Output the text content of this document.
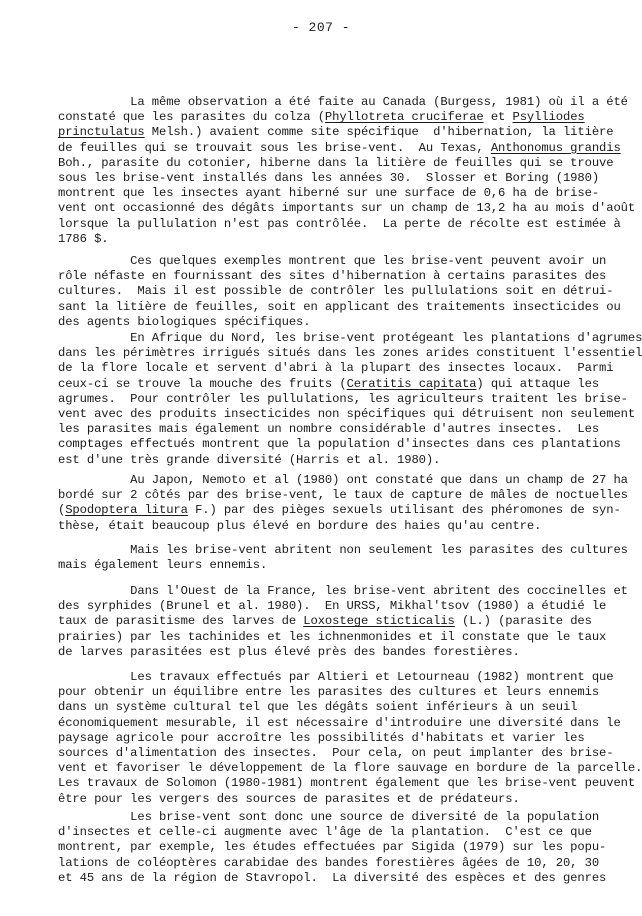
- 207 -
La même observation a été faite au Canada (Burgess, 1981) où il a été
constaté que les parasites du colza (Phyllotreta cruciferae et Psylliodes
princtulatus Melsh.) avaient comme site spécifique  d'hibernation, la litière
de feuilles qui se trouvait sous les brise-vent.  Au Texas, Anthonomus grandis
Boh., parasite du cotonier, hiberne dans la litière de feuilles qui se trouve
sous les brise-vent installés dans les années 30.  Slosser et Boring (1980)
montrent que les insectes ayant hiberné sur une surface de 0,6 ha de brise-
vent ont occasionné des dégâts importants sur un champ de 13,2 ha au mois d'août
lorsque la pullulation n'est pas contrôlée.  La perte de récolte est estimée à
1786 $.
Ces quelques exemples montrent que les brise-vent peuvent avoir un
rôle néfaste en fournissant des sites d'hibernation à certains parasites des
cultures.  Mais il est possible de contrôler les pullulations soit en détrui-
sant la litière de feuilles, soit en applicant des traitements insecticides ou
des agents biologiques spécifiques.
En Afrique du Nord, les brise-vent protégeant les plantations d'agrumes
dans les périmètres irrigués situés dans les zones arides constituent l'essentiel
de la flore locale et servent d'abri à la plupart des insectes locaux.  Parmi
ceux-ci se trouve la mouche des fruits (Ceratitis capitata) qui attaque les
agrumes.  Pour contrôler les pullulations, les agriculteurs traitent les brise-
vent avec des produits insecticides non spécifiques qui détruisent non seulement
les parasites mais également un nombre considérable d'autres insectes.  Les
comptages effectués montrent que la population d'insectes dans ces plantations
est d'une très grande diversité (Harris et al. 1980).
Au Japon, Nemoto et al (1980) ont constaté que dans un champ de 27 ha
bordé sur 2 côtés par des brise-vent, le taux de capture de mâles de noctuelles
(Spodoptera litura F.) par des pièges sexuels utilisant des phéromones de syn-
thèse, était beaucoup plus élevé en bordure des haies qu'au centre.
Mais les brise-vent abritent non seulement les parasites des cultures
mais également leurs ennemis.
Dans l'Ouest de la France, les brise-vent abritent des coccinelles et
des syrphides (Brunel et al. 1980).  En URSS, Mikhal'tsov (1980) a étudié le
taux de parasitisme des larves de Loxostege sticticalis (L.) (parasite des
prairies) par les tachinides et les ichnenmonides et il constate que le taux
de larves parasitées est plus élevé près des bandes forestières.
Les travaux effectués par Altieri et Letourneau (1982) montrent que
pour obtenir un équilibre entre les parasites des cultures et leurs ennemis
dans un système cultural tel que les dégâts soient inférieurs à un seuil
économiquement mesurable, il est nécessaire d'introduire une diversité dans le
paysage agricole pour accroître les possibilités d'habitats et varier les
sources d'alimentation des insectes.  Pour cela, on peut implanter des brise-
vent et favoriser le développement de la flore sauvage en bordure de la parcelle.
Les travaux de Solomon (1980-1981) montrent également que les brise-vent peuvent
être pour les vergers des sources de parasites et de prédateurs.
Les brise-vent sont donc une source de diversité de la population
d'insectes et celle-ci augmente avec l'âge de la plantation.  C'est ce que
montrent, par exemple, les études effectuées par Sigida (1979) sur les popu-
lations de coléoptères carabidae des bandes forestières âgées de 10, 20, 30
et 45 ans de la région de Stavropol.  La diversité des espèces et des genres
